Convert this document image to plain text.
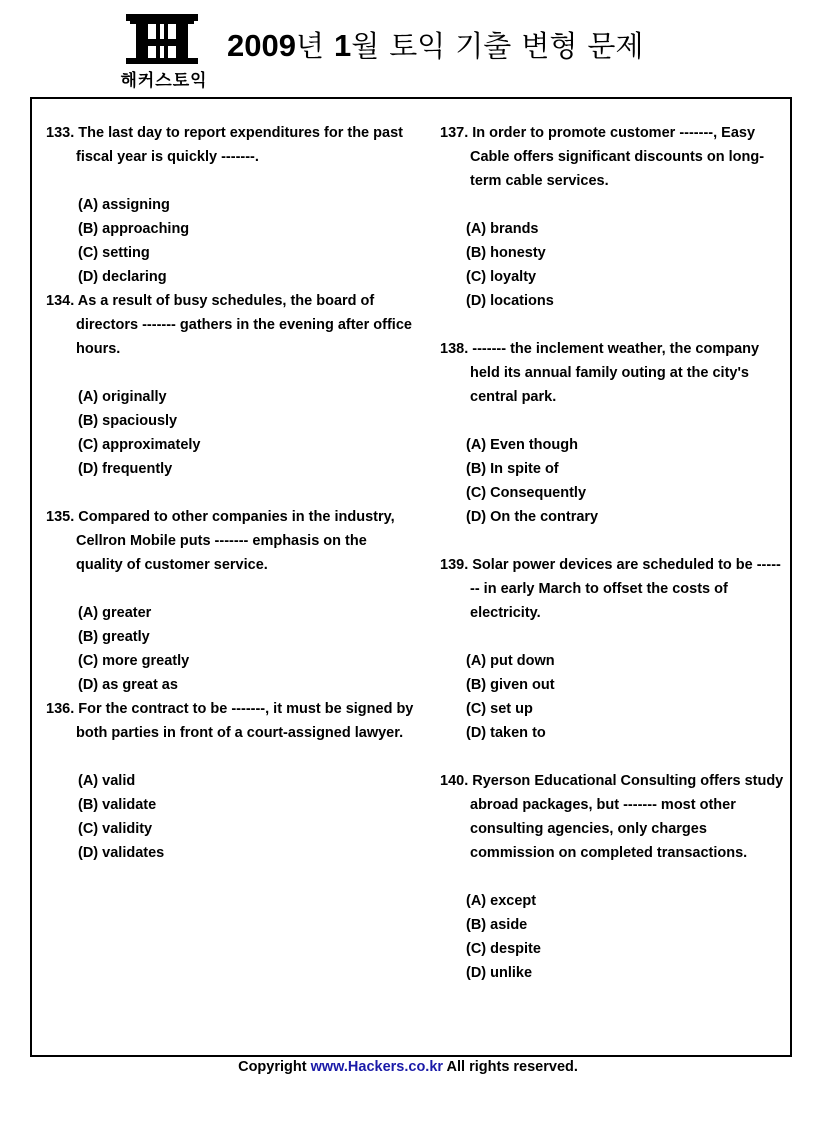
해커스토익
2009년 1월 토익 기출 변형 문제
133. The last day to report expenditures for the past fiscal year is quickly -------.
(A) assigning
(B) approaching
(C) setting
(D) declaring
134. As a result of busy schedules, the board of directors ------- gathers in the evening after office hours.
(A) originally
(B) spaciously
(C) approximately
(D) frequently
135. Compared to other companies in the industry, Cellron Mobile puts ------- emphasis on the quality of customer service.
(A) greater
(B) greatly
(C) more greatly
(D) as great as
136. For the contract to be -------, it must be signed by both parties in front of a court-assigned lawyer.
(A) valid
(B) validate
(C) validity
(D) validates
137. In order to promote customer -------, Easy Cable offers significant discounts on long-term cable services.
(A) brands
(B) honesty
(C) loyalty
(D) locations
138. ------- the inclement weather, the company held its annual family outing at the city's central park.
(A) Even though
(B) In spite of
(C) Consequently
(D) On the contrary
139. Solar power devices are scheduled to be ------- in early March to offset the costs of electricity.
(A) put down
(B) given out
(C) set up
(D) taken to
140. Ryerson Educational Consulting offers study abroad packages, but ------- most other consulting agencies, only charges commission on completed transactions.
(A) except
(B) aside
(C) despite
(D) unlike
Copyright www.Hackers.co.kr All rights reserved.
